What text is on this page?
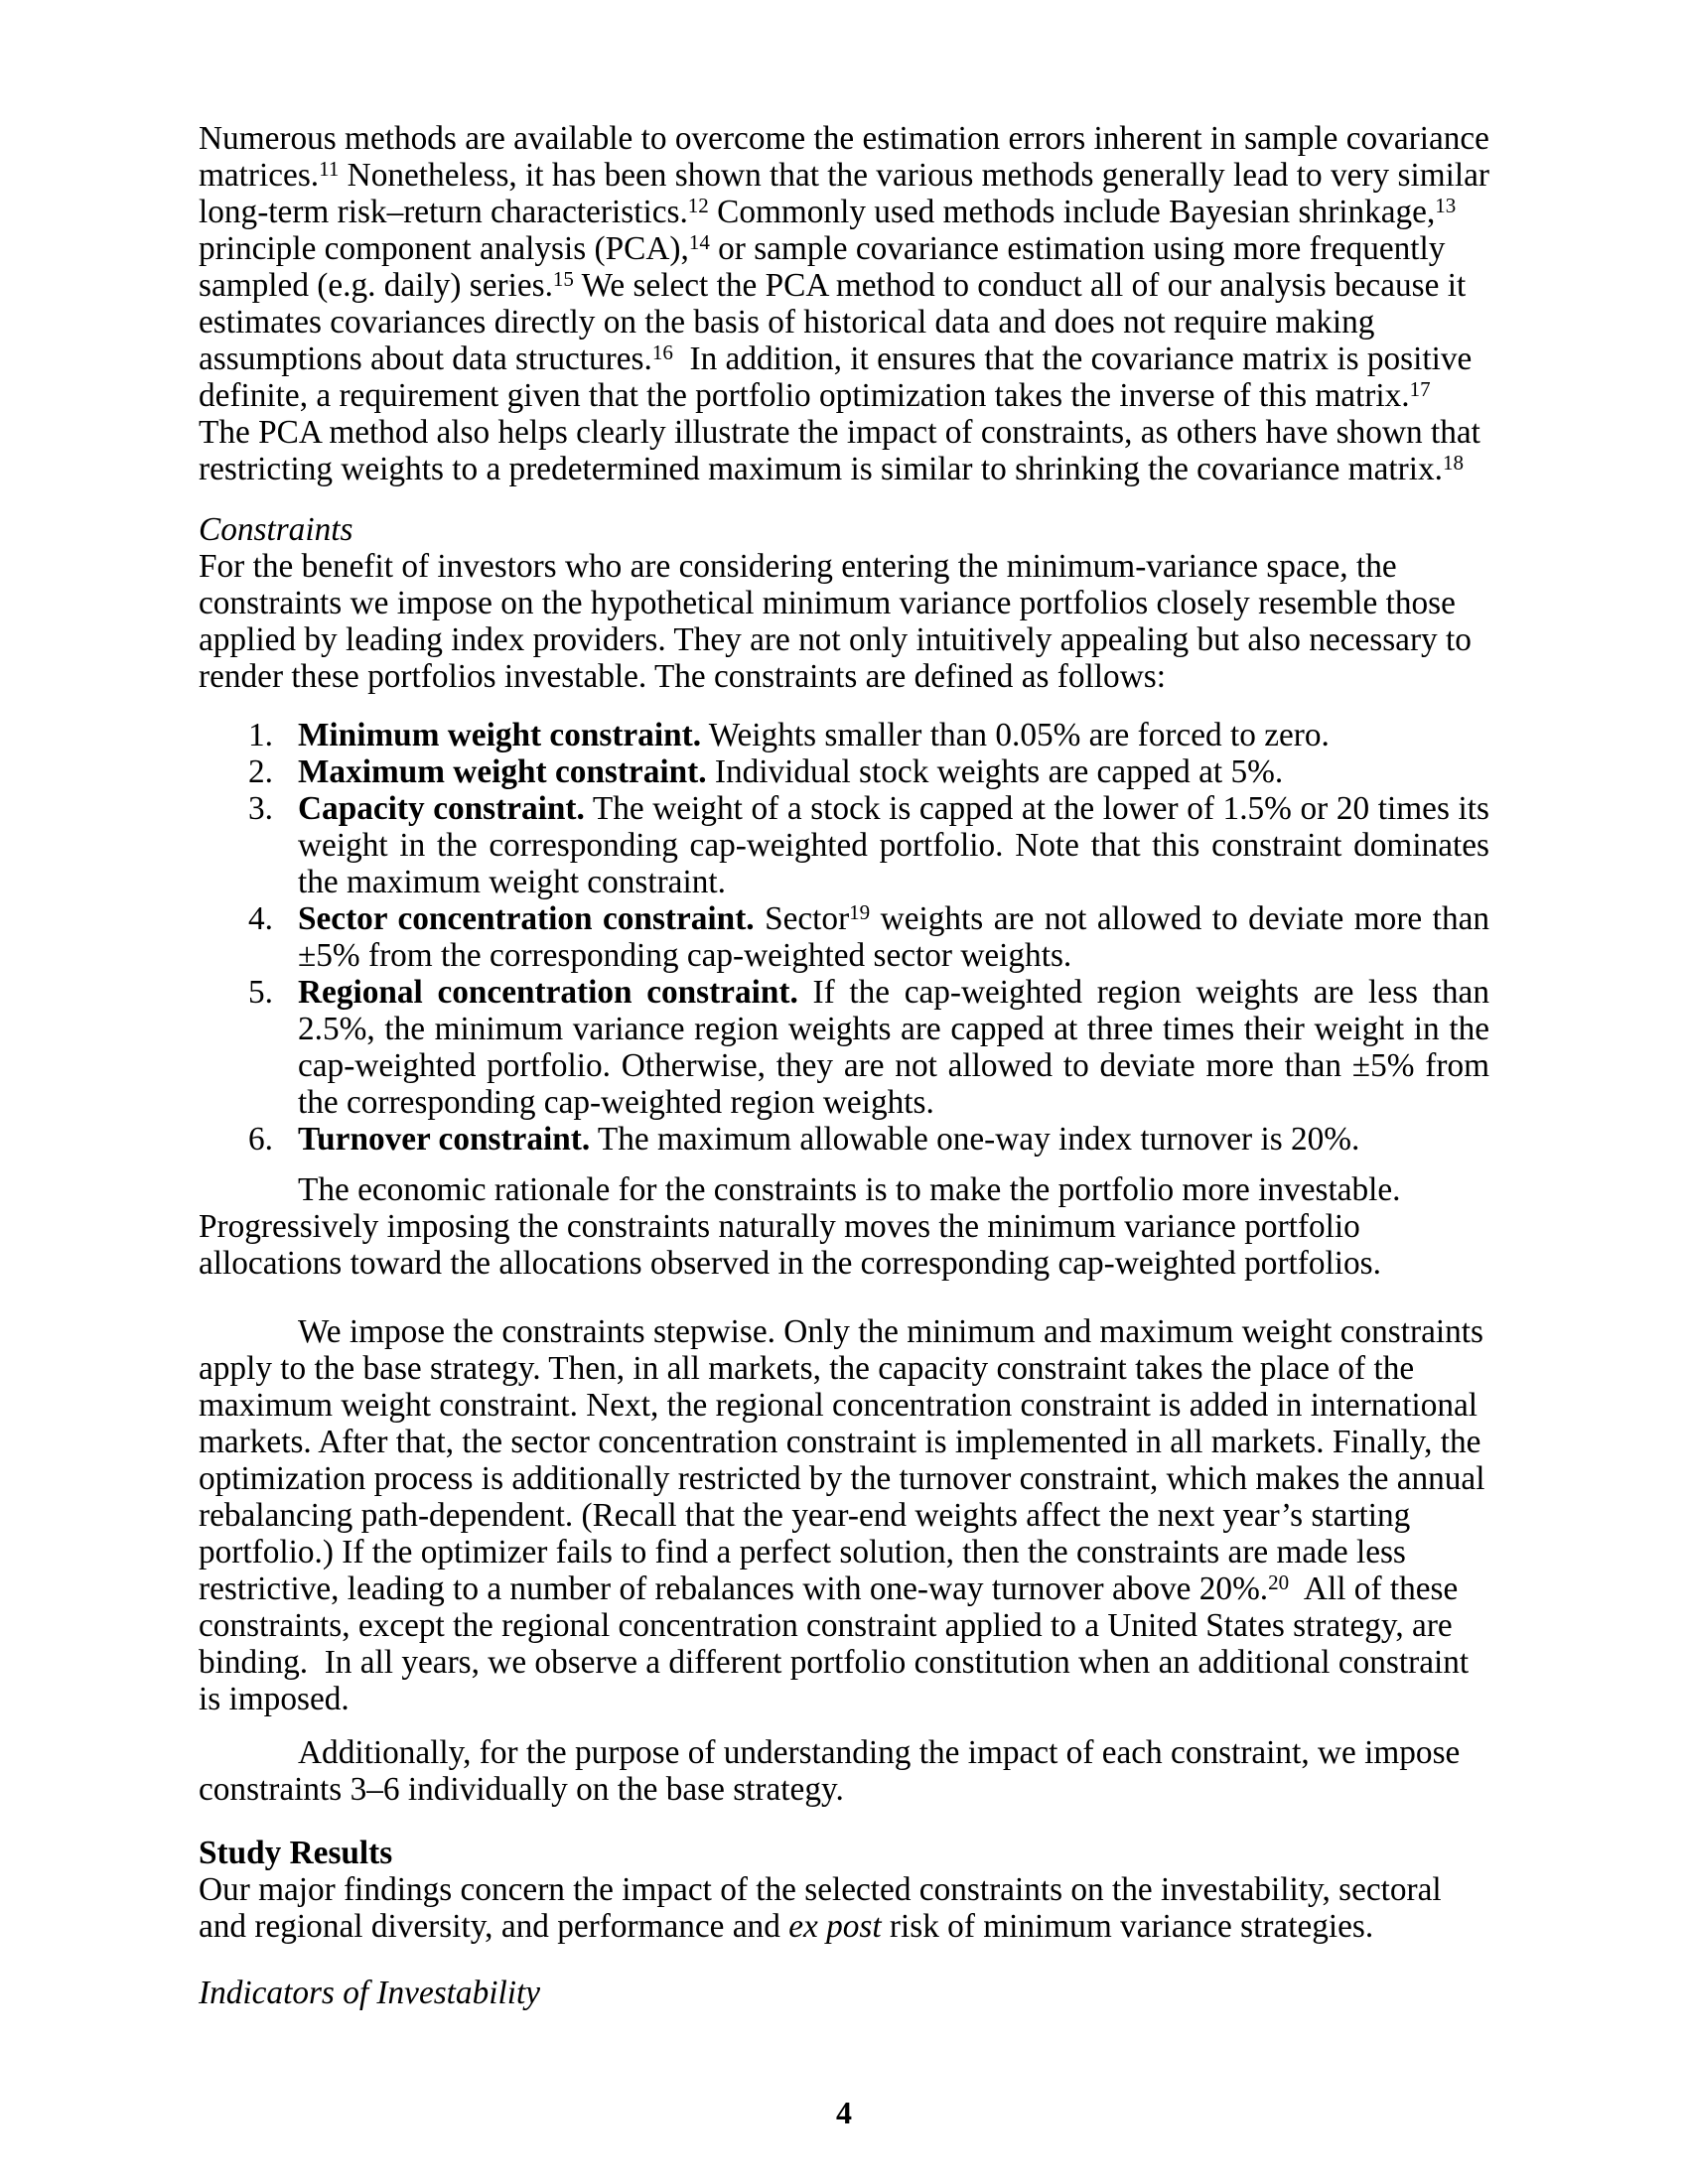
Numerous methods are available to overcome the estimation errors inherent in sample covariance matrices.$^{11}$ Nonetheless, it has been shown that the various methods generally lead to very similar long-term risk–return characteristics.$^{12}$ Commonly used methods include Bayesian shrinkage,$^{13}$ principle component analysis (PCA),$^{14}$ or sample covariance estimation using more frequently sampled (e.g. daily) series.$^{15}$ We select the PCA method to conduct all of our analysis because it estimates covariances directly on the basis of historical data and does not require making assumptions about data structures.$^{16}$  In addition, it ensures that the covariance matrix is positive definite, a requirement given that the portfolio optimization takes the inverse of this matrix.$^{17}$  The PCA method also helps clearly illustrate the impact of constraints, as others have shown that restricting weights to a predetermined maximum is similar to shrinking the covariance matrix.$^{18}$
Constraints
For the benefit of investors who are considering entering the minimum-variance space, the constraints we impose on the hypothetical minimum variance portfolios closely resemble those applied by leading index providers. They are not only intuitively appealing but also necessary to render these portfolios investable. The constraints are defined as follows:
1. Minimum weight constraint. Weights smaller than 0.05% are forced to zero.
2. Maximum weight constraint. Individual stock weights are capped at 5%.
3. Capacity constraint. The weight of a stock is capped at the lower of 1.5% or 20 times its weight in the corresponding cap-weighted portfolio. Note that this constraint dominates the maximum weight constraint.
4. Sector concentration constraint. Sector$^{19}$ weights are not allowed to deviate more than ±5% from the corresponding cap-weighted sector weights.
5. Regional concentration constraint. If the cap-weighted region weights are less than 2.5%, the minimum variance region weights are capped at three times their weight in the cap-weighted portfolio. Otherwise, they are not allowed to deviate more than ±5% from the corresponding cap-weighted region weights.
6. Turnover constraint. The maximum allowable one-way index turnover is 20%.
The economic rationale for the constraints is to make the portfolio more investable. Progressively imposing the constraints naturally moves the minimum variance portfolio allocations toward the allocations observed in the corresponding cap-weighted portfolios.
We impose the constraints stepwise. Only the minimum and maximum weight constraints apply to the base strategy. Then, in all markets, the capacity constraint takes the place of the maximum weight constraint. Next, the regional concentration constraint is added in international markets. After that, the sector concentration constraint is implemented in all markets. Finally, the optimization process is additionally restricted by the turnover constraint, which makes the annual rebalancing path-dependent. (Recall that the year-end weights affect the next year’s starting portfolio.) If the optimizer fails to find a perfect solution, then the constraints are made less restrictive, leading to a number of rebalances with one-way turnover above 20%.$^{20}$  All of these constraints, except the regional concentration constraint applied to a United States strategy, are binding.  In all years, we observe a different portfolio constitution when an additional constraint is imposed.
Additionally, for the purpose of understanding the impact of each constraint, we impose constraints 3–6 individually on the base strategy.
Study Results
Our major findings concern the impact of the selected constraints on the investability, sectoral and regional diversity, and performance and ex post risk of minimum variance strategies.
Indicators of Investability
4
